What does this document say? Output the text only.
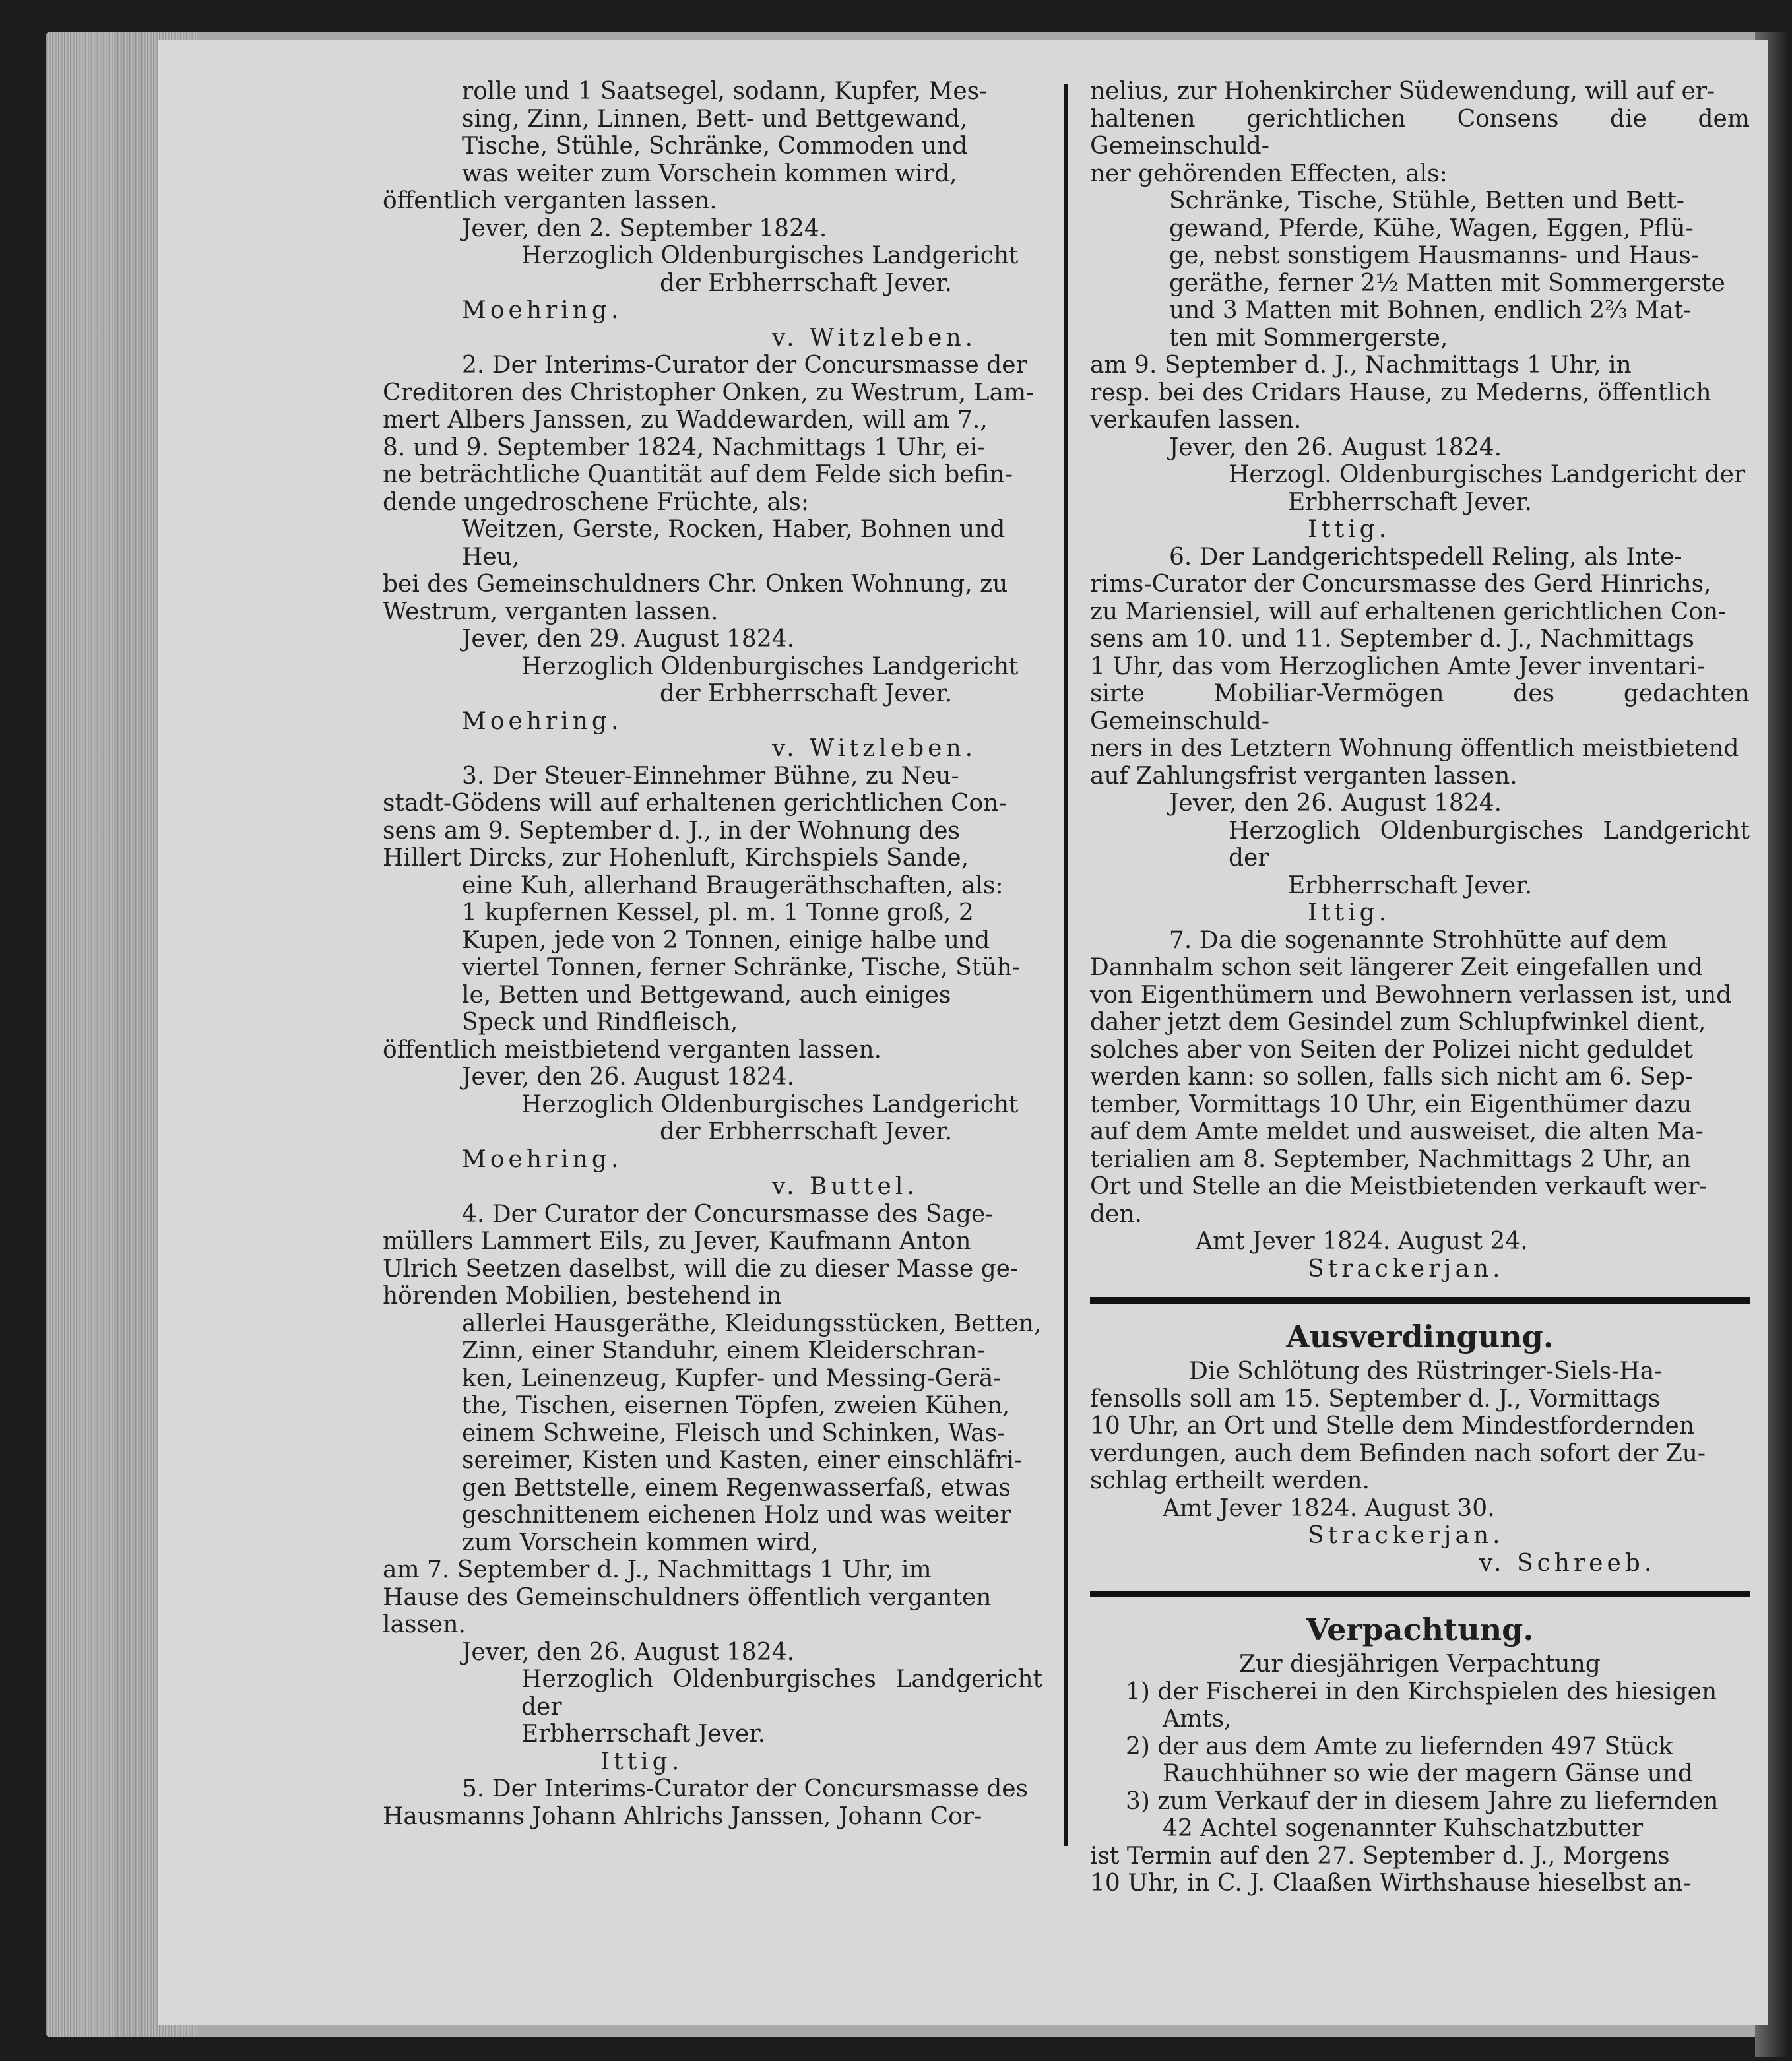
rolle und 1 Saatsegel, sodann, Kupfer, Mes-

sing, Zinn, Linnen, Bett- und Bettgewand,

Tische, Stühle, Schränke, Commoden und

was weiter zum Vorschein kommen wird,

öffentlich verganten lassen.

Jever, den 2. September 1824.

Herzoglich Oldenburgisches Landgericht

der Erbherrschaft Jever.

Moehring.

v. Witzleben.

2. Der Interims-Curator der Concursmasse der

Creditoren des Christopher Onken, zu Westrum, Lam-

mert Albers Janssen, zu Waddewarden, will am 7.,

8. und 9. September 1824, Nachmittags 1 Uhr, ei-

ne beträchtliche Quantität auf dem Felde sich befin-

dende ungedroschene Früchte, als:

Weitzen, Gerste, Rocken, Haber, Bohnen und

Heu,

bei des Gemeinschuldners Chr. Onken Wohnung, zu

Westrum, verganten lassen.

Jever, den 29. August 1824.

Herzoglich Oldenburgisches Landgericht

der Erbherrschaft Jever.

Moehring.

v. Witzleben.

3. Der Steuer-Einnehmer Bühne, zu Neu-

stadt-Gödens will auf erhaltenen gerichtlichen Con-

sens am 9. September d. J., in der Wohnung des

Hillert Dircks, zur Hohenluft, Kirchspiels Sande,

eine Kuh, allerhand Braugeräthschaften, als:

1 kupfernen Kessel, pl. m. 1 Tonne groß, 2

Kupen, jede von 2 Tonnen, einige halbe und

viertel Tonnen, ferner Schränke, Tische, Stüh-

le, Betten und Bettgewand, auch einiges

Speck und Rindfleisch,

öffentlich meistbietend verganten lassen.

Jever, den 26. August 1824.

Herzoglich Oldenburgisches Landgericht

der Erbherrschaft Jever.

Moehring.

v. Buttel.

4. Der Curator der Concursmasse des Sage-

müllers Lammert Eils, zu Jever, Kaufmann Anton

Ulrich Seetzen daselbst, will die zu dieser Masse ge-

hörenden Mobilien, bestehend in

allerlei Hausgeräthe, Kleidungsstücken, Betten,

Zinn, einer Standuhr, einem Kleiderschran-

ken, Leinenzeug, Kupfer- und Messing-Gerä-

the, Tischen, eisernen Töpfen, zweien Kühen,

einem Schweine, Fleisch und Schinken, Was-

sereimer, Kisten und Kasten, einer einschläfri-

gen Bettstelle, einem Regenwasserfaß, etwas

geschnittenem eichenen Holz und was weiter

zum Vorschein kommen wird,

am 7. September d. J., Nachmittags 1 Uhr, im

Hause des Gemeinschuldners öffentlich verganten

lassen.

Jever, den 26. August 1824.

Herzoglich Oldenburgisches Landgericht der

Erbherrschaft Jever.

Ittig.

5. Der Interims-Curator der Concursmasse des

Hausmanns Johann Ahlrichs Janssen, Johann Cor-

nelius, zur Hohenkircher Südewendung, will auf er-

haltenen gerichtlichen Consens die dem Gemeinschuld-

ner gehörenden Effecten, als:

Schränke, Tische, Stühle, Betten und Bett-

gewand, Pferde, Kühe, Wagen, Eggen, Pflü-

ge, nebst sonstigem Hausmanns- und Haus-

geräthe, ferner 2½ Matten mit Sommergerste

und 3 Matten mit Bohnen, endlich 2⅔ Mat-

ten mit Sommergerste,

am 9. September d. J., Nachmittags 1 Uhr, in

resp. bei des Cridars Hause, zu Mederns, öffentlich

verkaufen lassen.

Jever, den 26. August 1824.

Herzogl. Oldenburgisches Landgericht der

Erbherrschaft Jever.

Ittig.

6. Der Landgerichtspedell Reling, als Inte-

rims-Curator der Concursmasse des Gerd Hinrichs,

zu Mariensiel, will auf erhaltenen gerichtlichen Con-

sens am 10. und 11. September d. J., Nachmittags

1 Uhr, das vom Herzoglichen Amte Jever inventari-

sirte Mobiliar-Vermögen des gedachten Gemeinschuld-

ners in des Letztern Wohnung öffentlich meistbietend

auf Zahlungsfrist verganten lassen.

Jever, den 26. August 1824.

Herzoglich Oldenburgisches Landgericht der

Erbherrschaft Jever.

Ittig.

7. Da die sogenannte Strohhütte auf dem

Dannhalm schon seit längerer Zeit eingefallen und

von Eigenthümern und Bewohnern verlassen ist, und

daher jetzt dem Gesindel zum Schlupfwinkel dient,

solches aber von Seiten der Polizei nicht geduldet

werden kann: so sollen, falls sich nicht am 6. Sep-

tember, Vormittags 10 Uhr, ein Eigenthümer dazu

auf dem Amte meldet und ausweiset, die alten Ma-

terialien am 8. September, Nachmittags 2 Uhr, an

Ort und Stelle an die Meistbietenden verkauft wer-

den.

Amt Jever 1824. August 24.

Strackerjan.

Ausverdingung.

Die Schlötung des Rüstringer-Siels-Ha-

fensolls soll am 15. September d. J., Vormittags

10 Uhr, an Ort und Stelle dem Mindestfordernden

verdungen, auch dem Befinden nach sofort der Zu-

schlag ertheilt werden.

Amt Jever 1824. August 30.

Strackerjan.

v. Schreeb.

Verpachtung.

Zur diesjährigen Verpachtung

1) der Fischerei in den Kirchspielen des hiesigen

Amts,

2) der aus dem Amte zu liefernden 497 Stück

Rauchhühner so wie der magern Gänse und

3) zum Verkauf der in diesem Jahre zu liefernden

42 Achtel sogenannter Kuhschatzbutter

ist Termin auf den 27. September d. J., Morgens

10 Uhr, in C. J. Claaßen Wirthshause hieselbst an-
